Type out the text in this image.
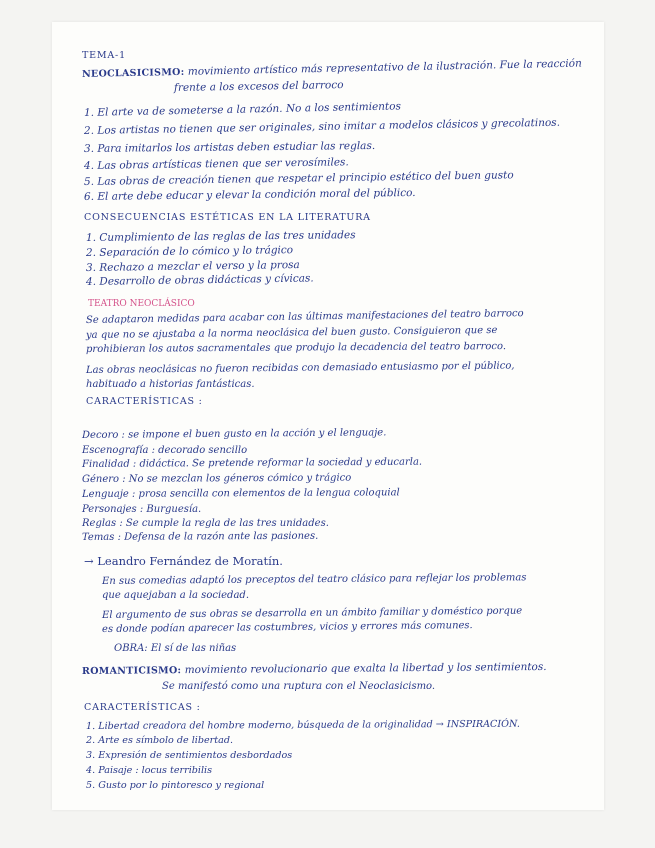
TEMA-1
NEOCLASICISMO: movimiento artístico más representativo de la ilustración. Fue la reacción
frente a los excesos del barroco
1. El arte va de someterse a la razón. No a los sentimientos
2. Los artistas no tienen que ser originales, sino imitar a modelos clásicos y grecolatinos.
3. Para imitarlos los artistas deben estudiar las reglas.
4. Las obras artísticas tienen que ser verosímiles.
5. Las obras de creación tienen que respetar el principio estético del buen gusto
6. El arte debe educar y elevar la condición moral del público.
CONSECUENCIAS ESTÉTICAS EN LA LITERATURA
1. Cumplimiento de las reglas de las tres unidades
2. Separación de lo cómico y lo trágico
3. Rechazo a mezclar el verso y la prosa
4. Desarrollo de obras didácticas y cívicas.
TEATRO NEOCLÁSICO
Se adaptaron medidas para acabar con las últimas manifestaciones del teatro barroco
ya que no se ajustaba a la norma neoclásica del buen gusto. Consiguieron que se
prohibieran los autos sacramentales que produjo la decadencia del teatro barroco.
Las obras neoclásicas no fueron recibidas con demasiado entusiasmo por el público,
habituado a historias fantásticas.
CARACTERÍSTICAS :
Decoro : se impone el buen gusto en la acción y el lenguaje.
Escenografía : decorado sencillo
Finalidad : didáctica. Se pretende reformar la sociedad y educarla.
Género : No se mezclan los géneros cómico y trágico
Lenguaje : prosa sencilla con elementos de la lengua coloquial
Personajes : Burguesía.
Reglas : Se cumple la regla de las tres unidades.
Temas : Defensa de la razón ante las pasiones.
→ Leandro Fernández de Moratín.
En sus comedias adaptó los preceptos del teatro clásico para reflejar los problemas
que aquejaban a la sociedad.
El argumento de sus obras se desarrolla en un ámbito familiar y doméstico porque
es donde podían aparecer las costumbres, vicios y errores más comunes.
OBRA: El sí de las niñas
ROMANTICISMO: movimiento revolucionario que exalta la libertad y los sentimientos.
Se manifestó como una ruptura con el Neoclasicismo.
CARACTERÍSTICAS :
1. Libertad creadora del hombre moderno, búsqueda de la originalidad → INSPIRACIÓN.
2. Arte es símbolo de libertad.
3. Expresión de sentimientos desbordados
4. Paisaje : locus terribilis
5. Gusto por lo pintoresco y regional
